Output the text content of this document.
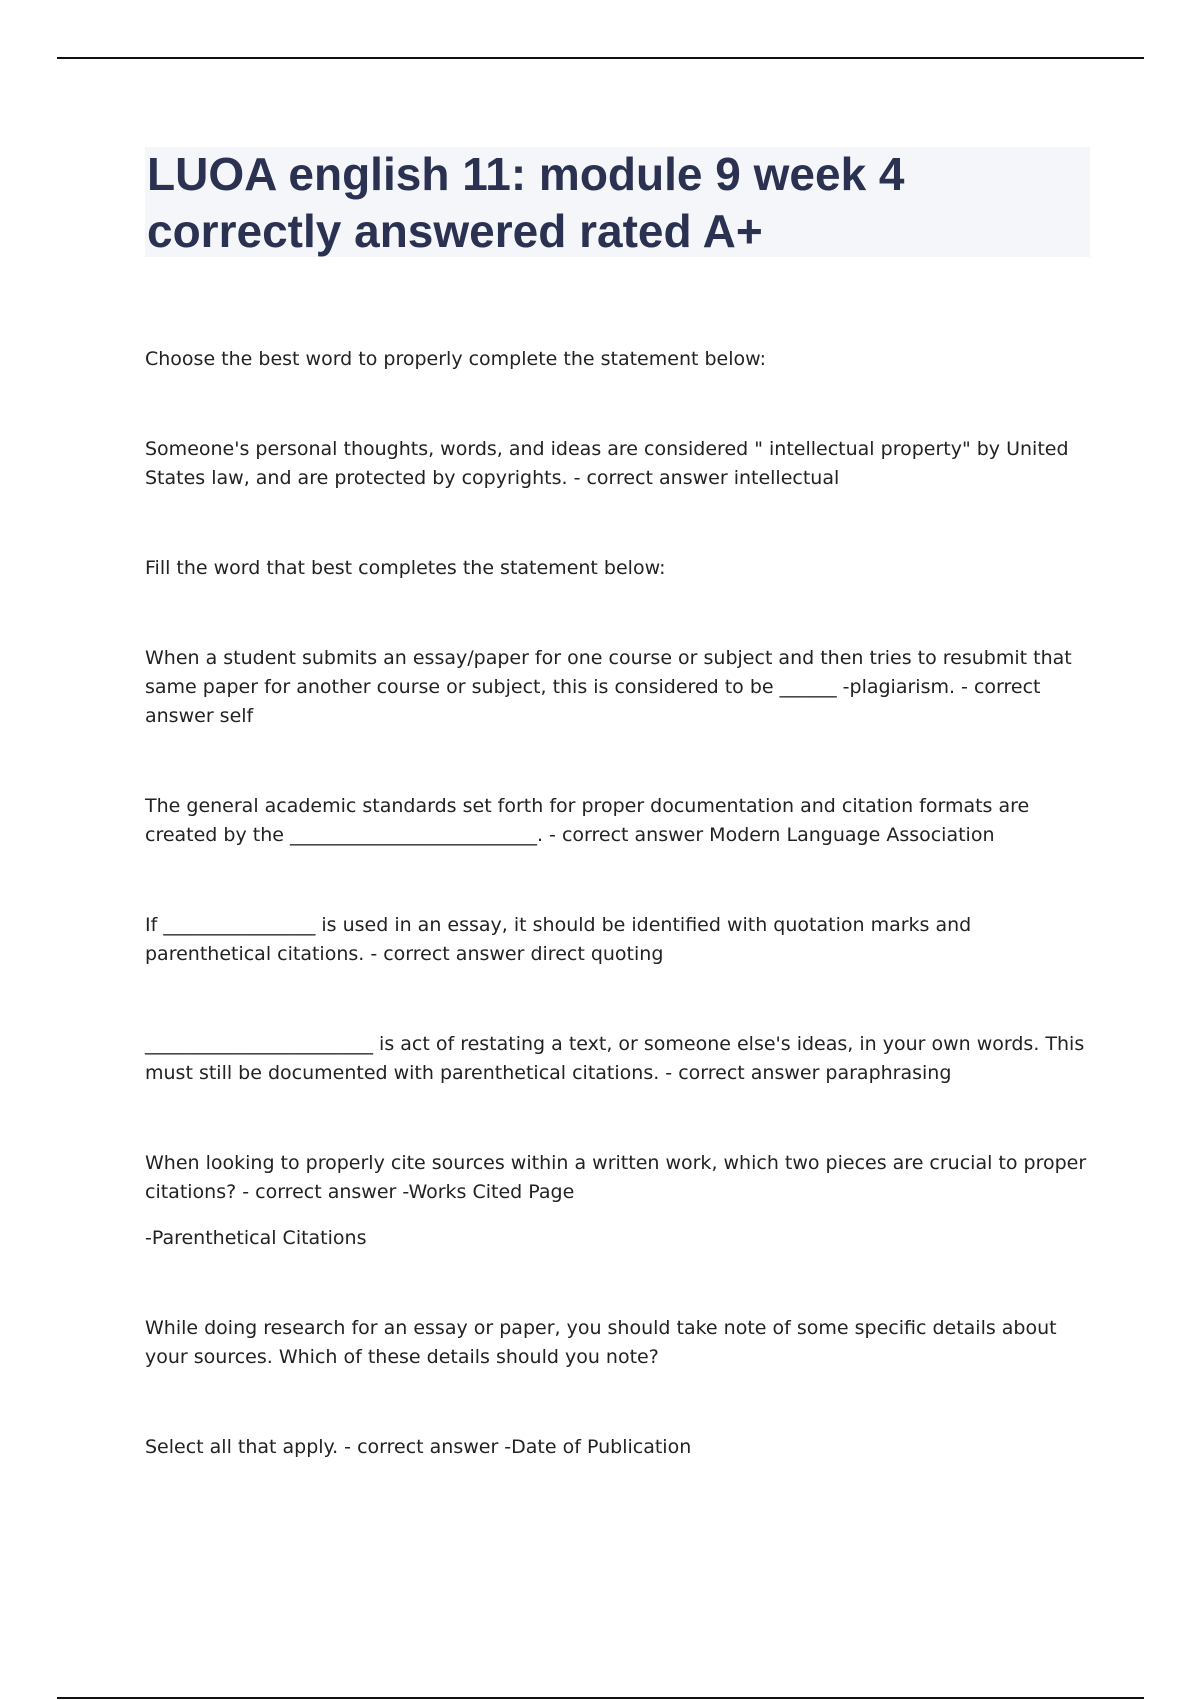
LUOA english 11: module 9 week 4 correctly answered rated A+

Choose the best word to properly complete the statement below:

Someone's personal thoughts, words, and ideas are considered " intellectual property" by United States law, and are protected by copyrights. - correct answer intellectual

Fill the word that best completes the statement below:

When a student submits an essay/paper for one course or subject and then tries to resubmit that same paper for another course or subject, this is considered to be ______ -plagiarism. - correct answer self

The general academic standards set forth for proper documentation and citation formats are created by the __________________________. - correct answer Modern Language Association

If ________________ is used in an essay, it should be identified with quotation marks and parenthetical citations. - correct answer direct quoting

________________________ is act of restating a text, or someone else's ideas, in your own words. This must still be documented with parenthetical citations. - correct answer paraphrasing

When looking to properly cite sources within a written work, which two pieces are crucial to proper citations? - correct answer -Works Cited Page

-Parenthetical Citations

While doing research for an essay or paper, you should take note of some specific details about your sources. Which of these details should you note?

Select all that apply. - correct answer -Date of Publication
